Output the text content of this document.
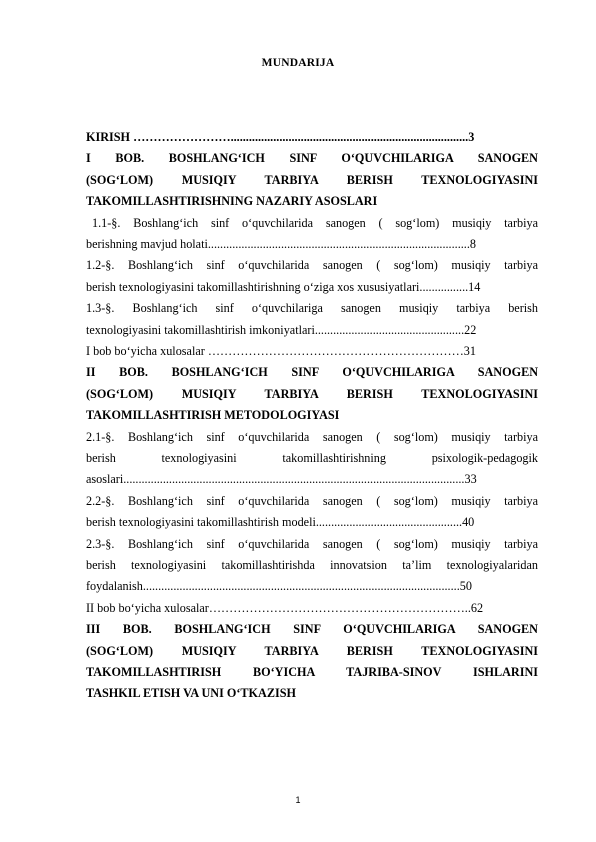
MUNDARIJA
KIRISH ……………………..............................................................................3
I BOB. BOSHLANG‘ICH SINF O‘QUVCHILARIGA SANOGEN
(SOG‘LOM) MUSIQIY TARBIYA BERISH TEXNOLOGIYASINI
TAKOMILLASHTIRISHNING NAZARIY ASOSLARI
1.1-§. Boshlang‘ich sinf o‘quvchilarida sanogen ( sog‘lom) musiqiy tarbiya
berishning mavjud holati......................................................................................8
1.2-§. Boshlang‘ich sinf o‘quvchilarida sanogen ( sog‘lom) musiqiy tarbiya
berish texnologiyasini takomillashtirishning o‘ziga xos xususiyatlari................14
1.3-§. Boshlang‘ich sinf o‘quvchilariga sanogen musiqiy tarbiya berish
texnologiyasini takomillashtirish imkoniyatlari.................................................22
I bob bo‘yicha xulosalar ………………………………………………………31
II BOB. BOSHLANG‘ICH SINF O‘QUVCHILARIGA SANOGEN
(SOG‘LOM) MUSIQIY TARBIYA BERISH TEXNOLOGIYASINI
TAKOMILLASHTIRISH METODOLOGIYASI
2.1-§. Boshlang‘ich sinf o‘quvchilarida sanogen ( sog‘lom) musiqiy tarbiya
berish texnologiyasini takomillashtirishning psixologik-pedagogik
asoslari................................................................................................................33
2.2-§. Boshlang‘ich sinf o‘quvchilarida sanogen ( sog‘lom) musiqiy tarbiya
berish texnologiyasini takomillashtirish modeli................................................40
2.3-§. Boshlang‘ich sinf o‘quvchilarida sanogen ( sog‘lom) musiqiy tarbiya
berish texnologiyasini takomillashtirishda innovatsion ta’lim texnologiyalaridan
foydalanish........................................................................................................50
II bob bo‘yicha xulosalar………………………………………………………..62
III BOB. BOSHLANG‘ICH SINF O‘QUVCHILARIGA SANOGEN
(SOG‘LOM) MUSIQIY TARBIYA BERISH TEXNOLOGIYASINI
TAKOMILLASHTIRISH BO‘YICHA TAJRIBA-SINOV ISHLARINI
TASHKIL ETISH VA UNI O‘TKAZISH
1
